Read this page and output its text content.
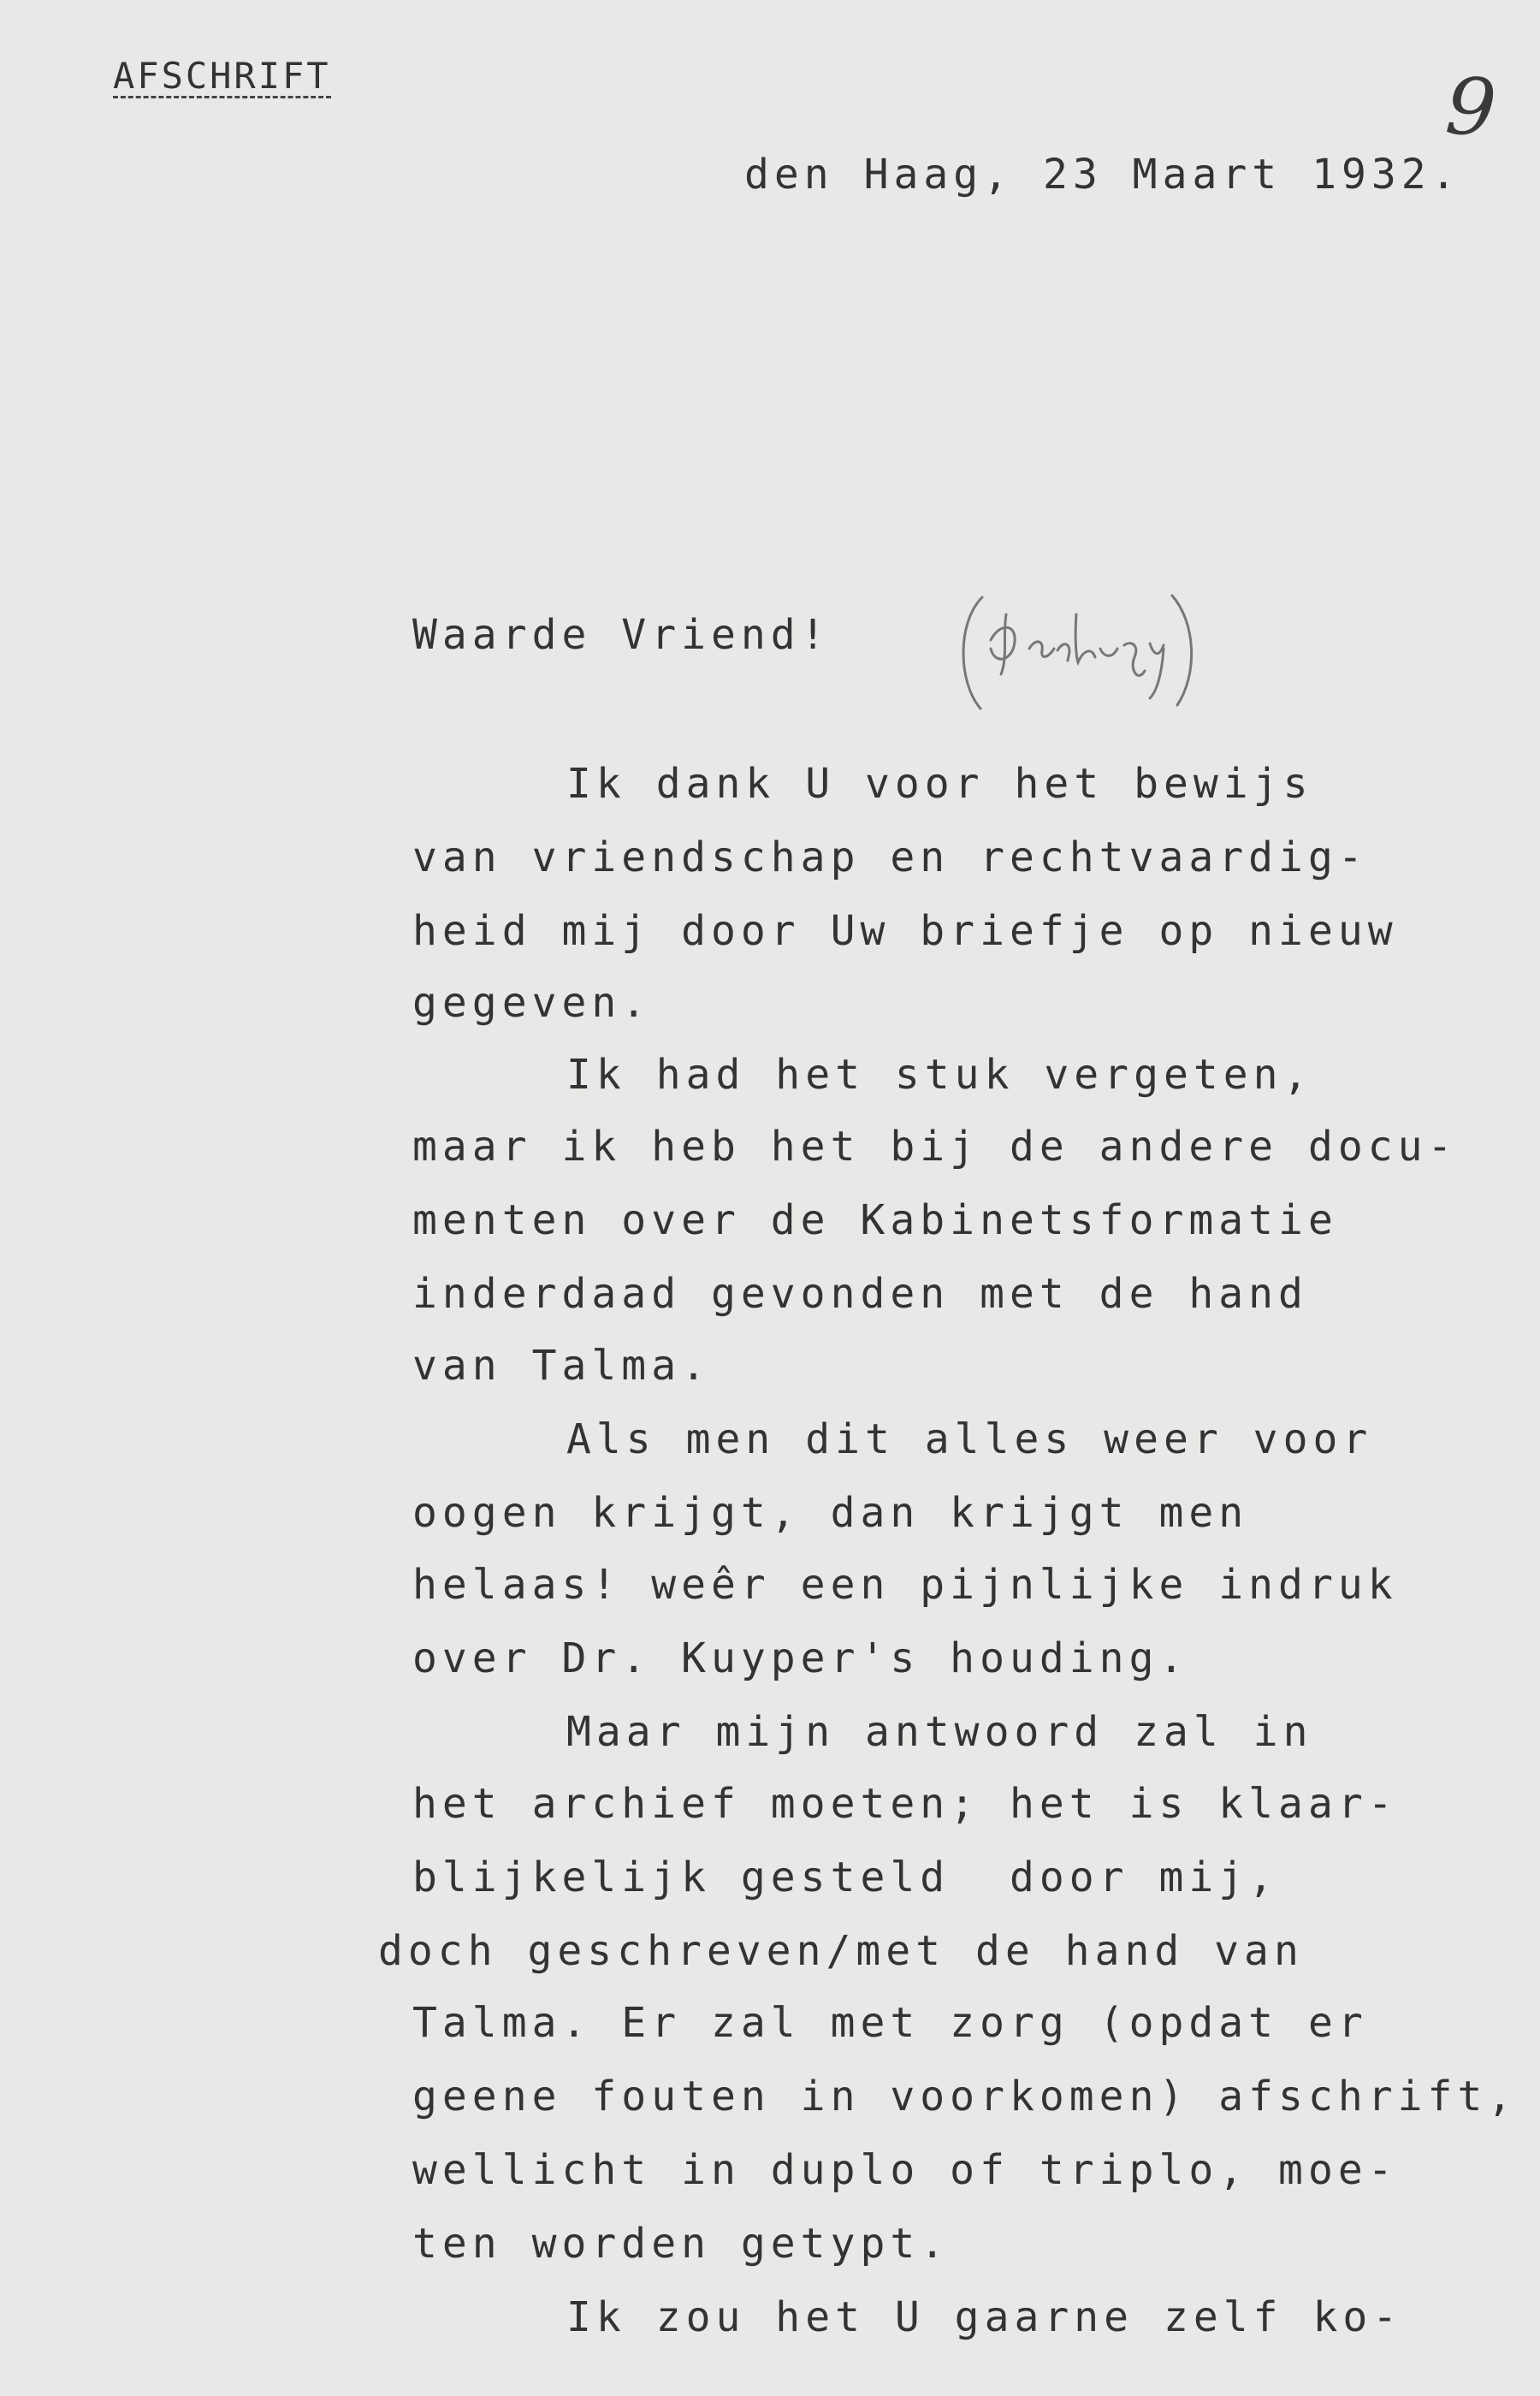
AFSCHRIFT	9
den Haag, 23 Maart 1932.
Waarde Vriend!
Ik dank U voor het bewijs
van vriendschap en rechtvaardig-
heid mij door Uw briefje op nieuw
gegeven.
Ik had het stuk vergeten,
maar ik heb het bij de andere docu-
menten over de Kabinetsformatie
inderdaad gevonden met de hand
van Talma.
Als men dit alles weer voor
oogen krijgt, dan krijgt men
helaas! weêr een pijnlijke indruk
over Dr. Kuyper's houding.
Maar mijn antwoord zal in
het archief moeten; het is klaar-
blijkelijk gesteld  door mij,
doch geschreven/met de hand van
Talma. Er zal met zorg (opdat er
geene fouten in voorkomen) afschrift,
wellicht in duplo of triplo, moe-
ten worden getypt.
Ik zou het U gaarne zelf ko-
